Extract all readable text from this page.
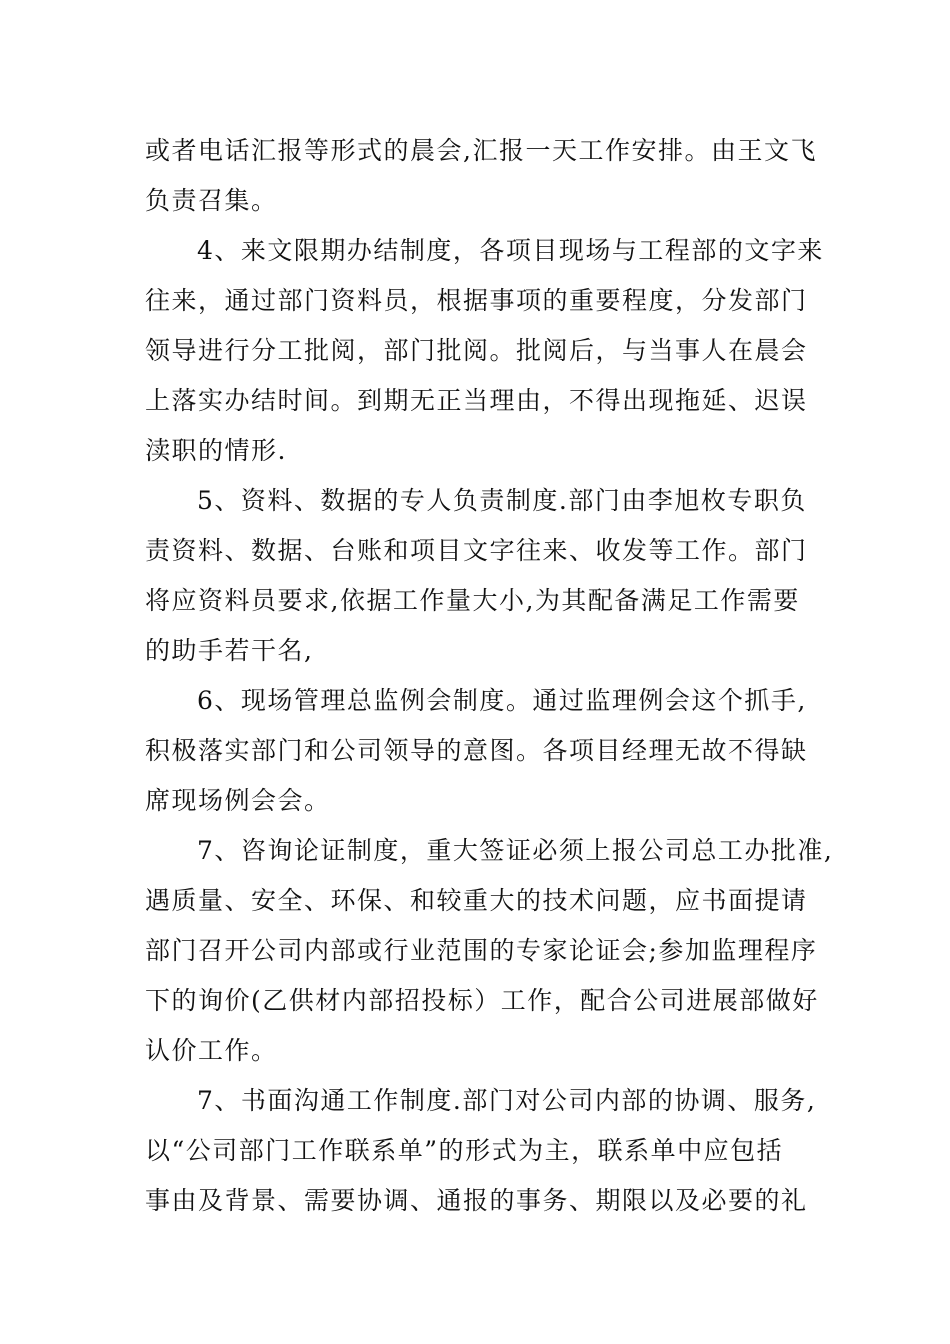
或者电话汇报等形式的晨会,汇报一天工作安排。由王文飞
负责召集。
4、来文限期办结制度，各项目现场与工程部的文字来
往来，通过部门资料员，根据事项的重要程度，分发部门
领导进行分工批阅，部门批阅。批阅后，与当事人在晨会
上落实办结时间。到期无正当理由，不得出现拖延、迟误
渎职的情形.
5、资料、数据的专人负责制度.部门由李旭枚专职负
责资料、数据、台账和项目文字往来、收发等工作。部门
将应资料员要求,依据工作量大小,为其配备满足工作需要
的助手若干名,
6、现场管理总监例会制度。通过监理例会这个抓手,
积极落实部门和公司领导的意图。各项目经理无故不得缺
席现场例会会。
7、咨询论证制度，重大签证必须上报公司总工办批准,
遇质量、安全、环保、和较重大的技术问题，应书面提请
部门召开公司内部或行业范围的专家论证会;参加监理程序
下的询价(乙供材内部招投标）工作，配合公司进展部做好
认价工作。
7、书面沟通工作制度.部门对公司内部的协调、服务,
以“公司部门工作联系单”的形式为主，联系单中应包括
事由及背景、需要协调、通报的事务、期限以及必要的礼
